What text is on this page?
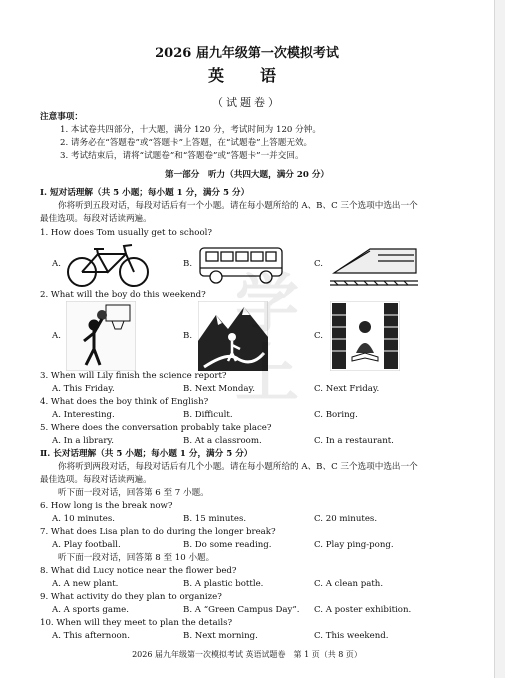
2026 届九年级第一次模拟考试
英　语
（试题卷）
注意事项：
1. 本试卷共四部分，十大题，满分 120 分，考试时间为 120 分钟。
2. 请务必在“答题卷”或“答题卡”上答题，在“试题卷”上答题无效。
3. 考试结束后，请将“试题卷”和“答题卷”或“答题卡”一并交回。
第一部分　听力（共四大题，满分 20 分）
Ⅰ. 短对话理解（共 5 小题；每小题 1 分，满分 5 分）
你将听到五段对话，每段对话后有一个小题。请在每小题所给的 A、B、C 三个选项中选出一个
最佳选项。每段对话读两遍。
1. How does Tom usually get to school?
A.	B.	C.
2. What will the boy do this weekend?
A.	B.	C.
学
上
3. When will Lily finish the science report?
A. This Friday.	B. Next Monday.	C. Next Friday.
4. What does the boy think of English?
A. Interesting.	B. Difficult.	C. Boring.
5. Where does the conversation probably take place?
A. In a library.	B. At a classroom.	C. In a restaurant.
Ⅱ. 长对话理解（共 5 小题；每小题 1 分，满分 5 分）
你将听到两段对话，每段对话后有几个小题。请在每小题所给的 A、B、C 三个选项中选出一个
最佳选项。每段对话读两遍。
听下面一段对话，回答第 6 至 7 小题。
6. How long is the break now?
A. 10 minutes.	B. 15 minutes.	C. 20 minutes.
7. What does Lisa plan to do during the longer break?
A. Play football.	B. Do some reading.	C. Play ping-pong.
听下面一段对话，回答第 8 至 10 小题。
8. What did Lucy notice near the flower bed?
A. A new plant.	B. A plastic bottle.	C. A clean path.
9. What activity do they plan to organize?
A. A sports game.	B. A “Green Campus Day”. C. A poster exhibition.
10. When will they meet to plan the details?
A. This afternoon.	B. Next morning.	C. This weekend.
2026 届九年级第一次模拟考试 英语试题卷　第 1 页（共 8 页）
